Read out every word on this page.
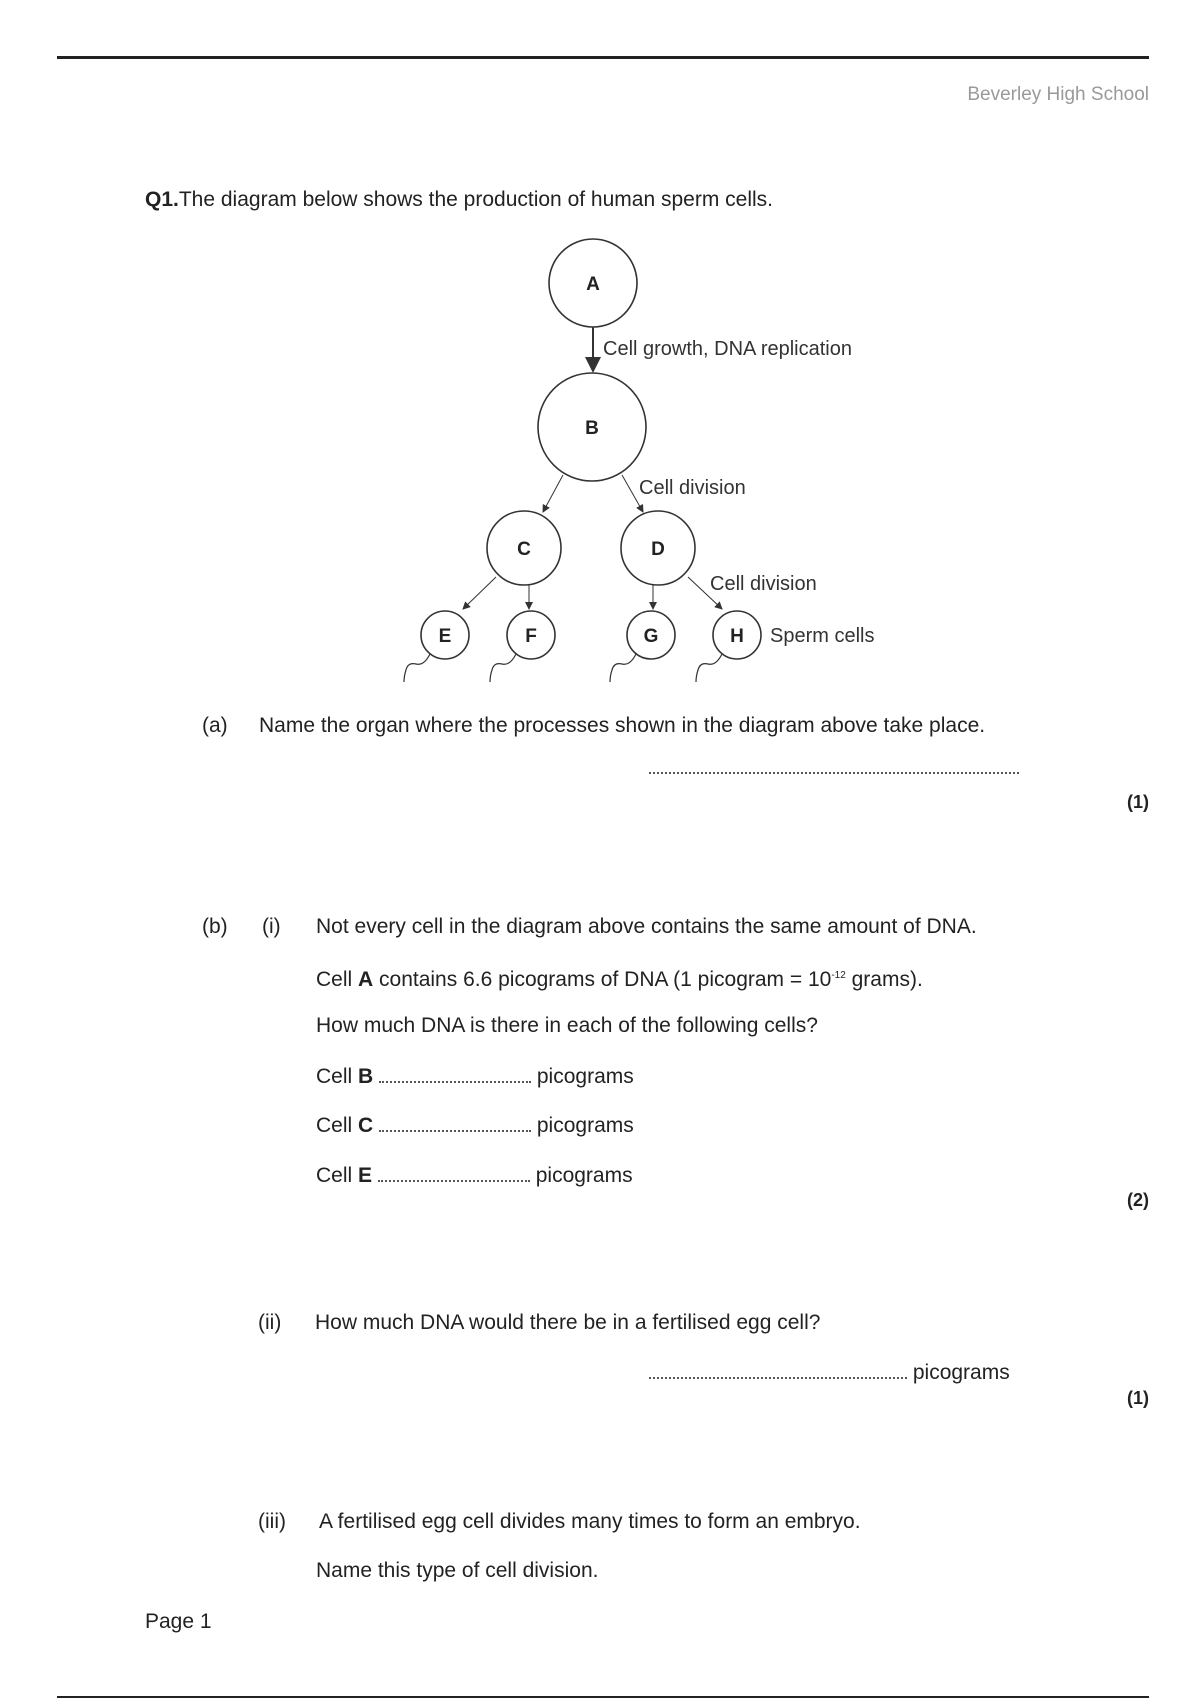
Beverley High School
Q1.The diagram below shows the production of human sperm cells.
A
B
C	D
E	F	G	H
Cell growth, DNA replication
Cell division
Cell division
Sperm cells
(a) Name the organ where the processes shown in the diagram above take place.
(1)
(b) (i) Not every cell in the diagram above contains the same amount of DNA.
Cell A contains 6.6 picograms of DNA (1 picogram = $10^{-12}$ grams).
How much DNA is there in each of the following cells?
Cell B	picograms
Cell C	picograms
Cell E	picograms
(2)
(ii) How much DNA would there be in a fertilised egg cell?
picograms
(1)
(iii) A fertilised egg cell divides many times to form an embryo.
Name this type of cell division.
Page 1
